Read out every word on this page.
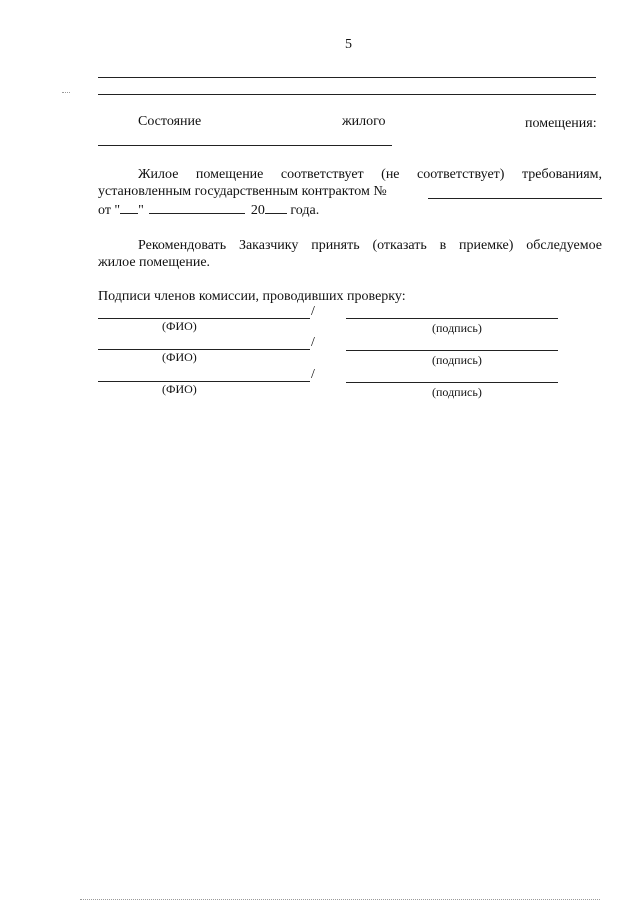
5
Состояние	жилого	помещения:
Жилое помещение соответствует (не соответствует) требованиям,
установленным государственным контрактом №
от " "	20 года.
Рекомендовать Заказчику принять (отказать в приемке) обследуемое
жилое помещение.
Подписи членов комиссии, проводивших проверку:
/
(ФИО)	(подпись)
/
(ФИО)	(подпись)
/
(ФИО)	(подпись)
